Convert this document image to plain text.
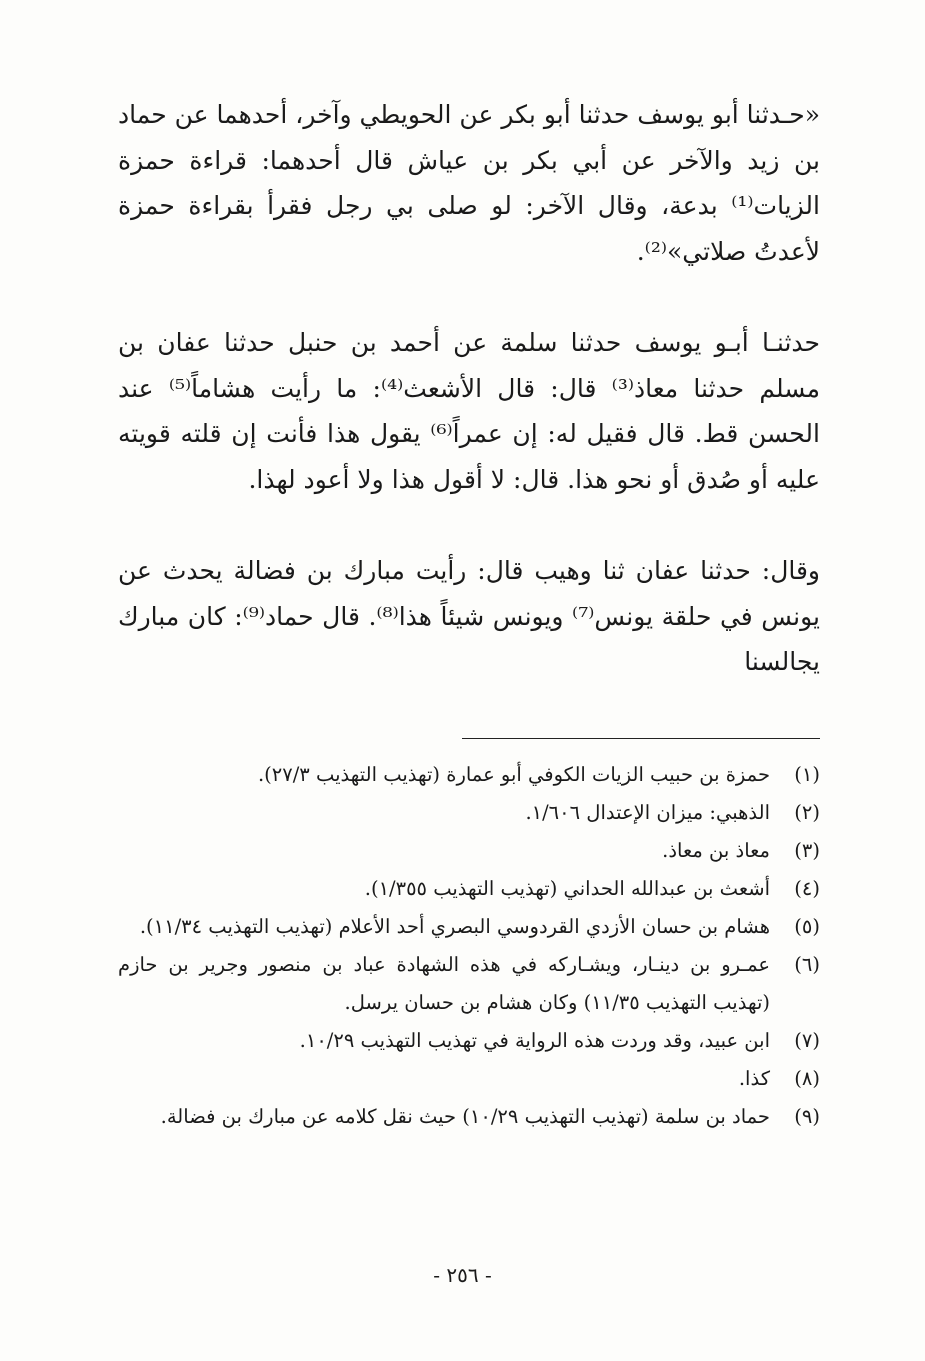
«حـدثنا أبو يوسف حدثنا أبو بكر عن الحويطي وآخر، أحدهما عن حماد بن زيد والآخر عن أبي بكر بن عياش قال أحدهما: قراءة حمزة الزيات⁽¹⁾ بدعة، وقال الآخر: لو صلى بي رجل فقرأ بقراءة حمزة لأعدتُ صلاتي»⁽²⁾.

حدثنـا أبـو يوسف حدثنا سلمة عن أحمد بن حنبل حدثنا عفان بن مسلم حدثنا معاذ⁽³⁾ قال: قال الأشعث⁽⁴⁾: ما رأيت هشاماً⁽⁵⁾ عند الحسن قط. قال فقيل له: إن عمراً⁽⁶⁾ يقول هذا فأنت إن قلته قويته عليه أو صُدق أو نحو هذا. قال: لا أقول هذا ولا أعود لهذا.

وقال: حدثنا عفان ثنا وهيب قال: رأيت مبارك بن فضالة يحدث عن يونس في حلقة يونس⁽⁷⁾ ويونس شيئاً هذا⁽⁸⁾. قال حماد⁽⁹⁾: كان مبارك يجالسنا

(١)
حمزة بن حبيب الزيات الكوفي أبو عمارة (تهذيب التهذيب ٢٧/٣).
(٢)
الذهبي: ميزان الإعتدال ١/٦٠٦.
(٣)
معاذ بن معاذ.
(٤)
أشعث بن عبدالله الحداني (تهذيب التهذيب ١/٣٥٥).
(٥)
هشام بن حسان الأزدي القردوسي البصري أحد الأعلام (تهذيب التهذيب ١١/٣٤).
(٦)
عمـرو بن دينـار، ويشـاركه في هذه الشهادة عباد بن منصور وجرير بن حازم (تهذيب التهذيب ١١/٣٥) وكان هشام بن حسان يرسل.
(٧)
ابن عبيد، وقد وردت هذه الرواية في تهذيب التهذيب ١٠/٢٩.
(٨)
كذا.
(٩)
حماد بن سلمة (تهذيب التهذيب ١٠/٢٩) حيث نقل كلامه عن مبارك بن فضالة.
- ٢٥٦ -
